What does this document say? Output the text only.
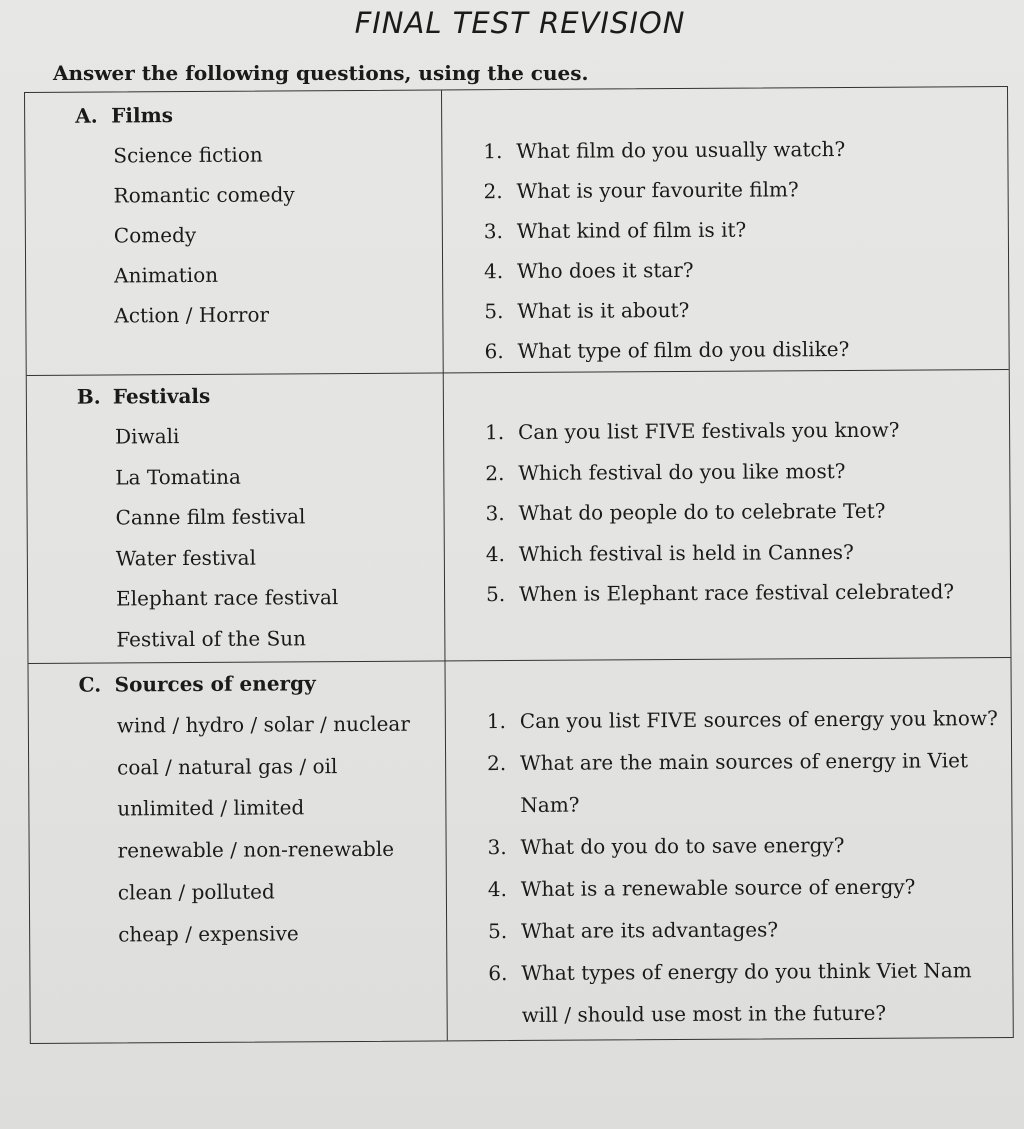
FINAL TEST REVISION
Answer the following questions, using the cues.
A. Films
Science fiction
Romantic comedy
Comedy
Animation
Action / Horror
1. What film do you usually watch?
2. What is your favourite film?
3. What kind of film is it?
4. Who does it star?
5. What is it about?
6. What type of film do you dislike?
B. Festivals
Diwali
La Tomatina
Canne film festival
Water festival
Elephant race festival
Festival of the Sun
1. Can you list FIVE festivals you know?
2. Which festival do you like most?
3. What do people do to celebrate Tet?
4. Which festival is held in Cannes?
5. When is Elephant race festival celebrated?
C. Sources of energy
wind / hydro / solar / nuclear
coal / natural gas / oil
unlimited / limited
renewable / non-renewable
clean / polluted
cheap / expensive
1. Can you list FIVE sources of energy you know?
2. What are the main sources of energy in Viet
Nam?
3. What do you do to save energy?
4. What is a renewable source of energy?
5. What are its advantages?
6. What types of energy do you think Viet Nam
will / should use most in the future?
